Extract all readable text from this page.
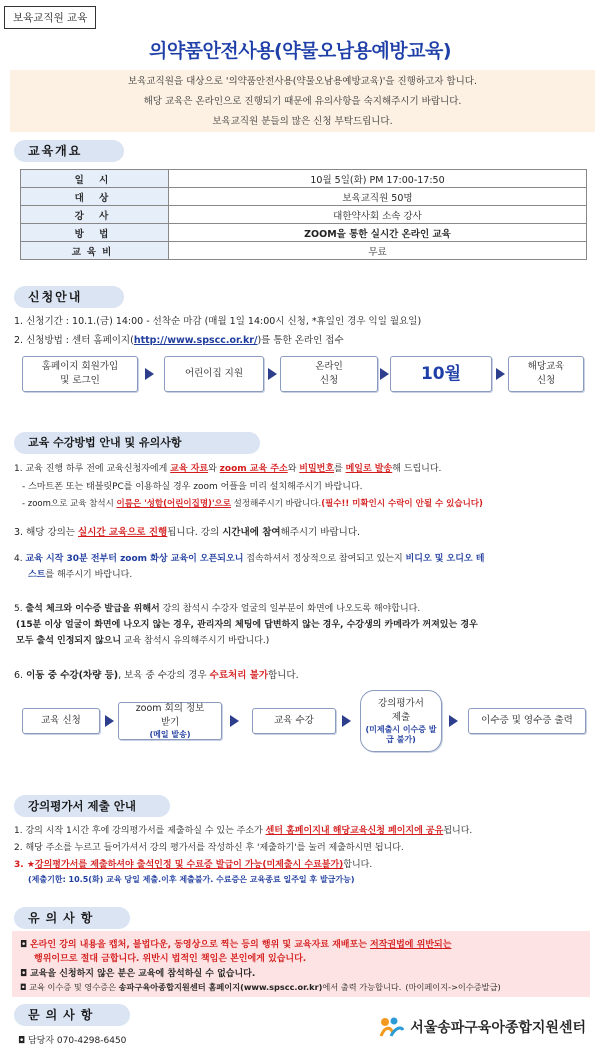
보육교직원 교육
의약품안전사용(약물오남용예방교육)
보육교직원을 대상으로 '의약품안전사용(약물오남용예방교육)'을 진행하고자 합니다.
해당 교육은 온라인으로 진행되기 때문에 유의사항을 숙지해주시기 바랍니다.
보육교직원 분들의 많은 신청 부탁드립니다.
교육개요
일 시	10월 5일(화) PM 17:00-17:50
대 상	보육교직원 50명
강 사	대한약사회 소속 강사
방 법	ZOOM을 통한 실시간 온라인 교육
교육비	무료
신청안내
1. 신청기간 : 10.1.(금) 14:00 - 선착순 마감 (매월 1일 14:00시 신청, *휴일인 경우 익일 월요일)
2. 신청방법 : 센터 홈페이지(http://www.spscc.or.kr/)를 통한 온라인 접수
홈페이지 회원가입
및 로그인
어린이집 지원
온라인
신청	10월	해당교육
신청
교육 수강방법 안내 및 유의사항
1. 교육 진행 하루 전에 교육신청자에게 교육 자료와 zoom 교육 주소와 비밀번호를 메일로 발송해 드립니다.
- 스마트폰 또는 태블릿PC를 이용하실 경우 zoom 어플을 미리 설치해주시기 바랍니다.
- zoom으로 교육 참석시 이름은 '성함(어린이집명)'으로 설정해주시기 바랍니다.(필수!! 미확인시 수락이 안될 수 있습니다)
3. 해당 강의는 실시간 교육으로 진행됩니다. 강의 시간내에 참여해주시기 바랍니다.
4. 교육 시작 30분 전부터 zoom 화상 교육이 오픈되오니 접속하셔서 정상적으로 참여되고 있는지 비디오 및 오디오 테
스트를 해주시기 바랍니다.
5. 출석 체크와 이수증 발급을 위해서 강의 참석시 수강자 얼굴의 일부분이 화면에 나오도록 해야합니다.
(15분 이상 얼굴이 화면에 나오지 않는 경우, 관리자의 체팅에 답변하지 않는 경우, 수강생의 카메라가 꺼져있는 경우
모두 출석 인정되지 않으니 교육 참석시 유의해주시기 바랍니다.)
6. 이동 중 수강(차량 등), 보육 중 수강의 경우 수료처리 불가합니다.
교육 신청
zoom 회의 정보
받기
(메일 발송)
교육 수강
강의평가서
제출
(미제출시 이수증 발급 불가)
이수증 및 영수증 출력
강의평가서 제출 안내
1. 강의 시작 1시간 후에 강의평가서를 제출하실 수 있는 주소가 센터 홈페이지내 해당교육신청 페이지에 공유됩니다.
2. 해당 주소를 누르고 들어가셔서 강의 평가서를 작성하신 후 '제출하기'를 눌러 제출하시면 됩니다.
3. ★강의평가서를 제출하셔야 출석인정 및 수료증 발급이 가능(미제출시 수료불가)합니다.
(제출기한: 10.5(화) 교육 당일 제출.이후 제출불가. 수료증은 교육종료 일주일 후 발급가능)
유의사항
◘ 온라인 강의 내용을 캡처, 불법다운, 동영상으로 찍는 등의 행위 및 교육자료 재배포는 저작권법에 위반되는
행위이므로 절대 금합니다. 위반시 법적인 책임은 본인에게 있습니다.
◘ 교육을 신청하지 않은 분은 교육에 참석하실 수 없습니다.
◘ 교육 이수증 및 영수증은 송파구육아종합지원센터 홈페이지(www.spscc.or.kr)에서 출력 가능합니다. (마이페이지->이수증발급)
문의사항
◘ 담당자 070-4298-6450
서울송파구육아종합지원센터
